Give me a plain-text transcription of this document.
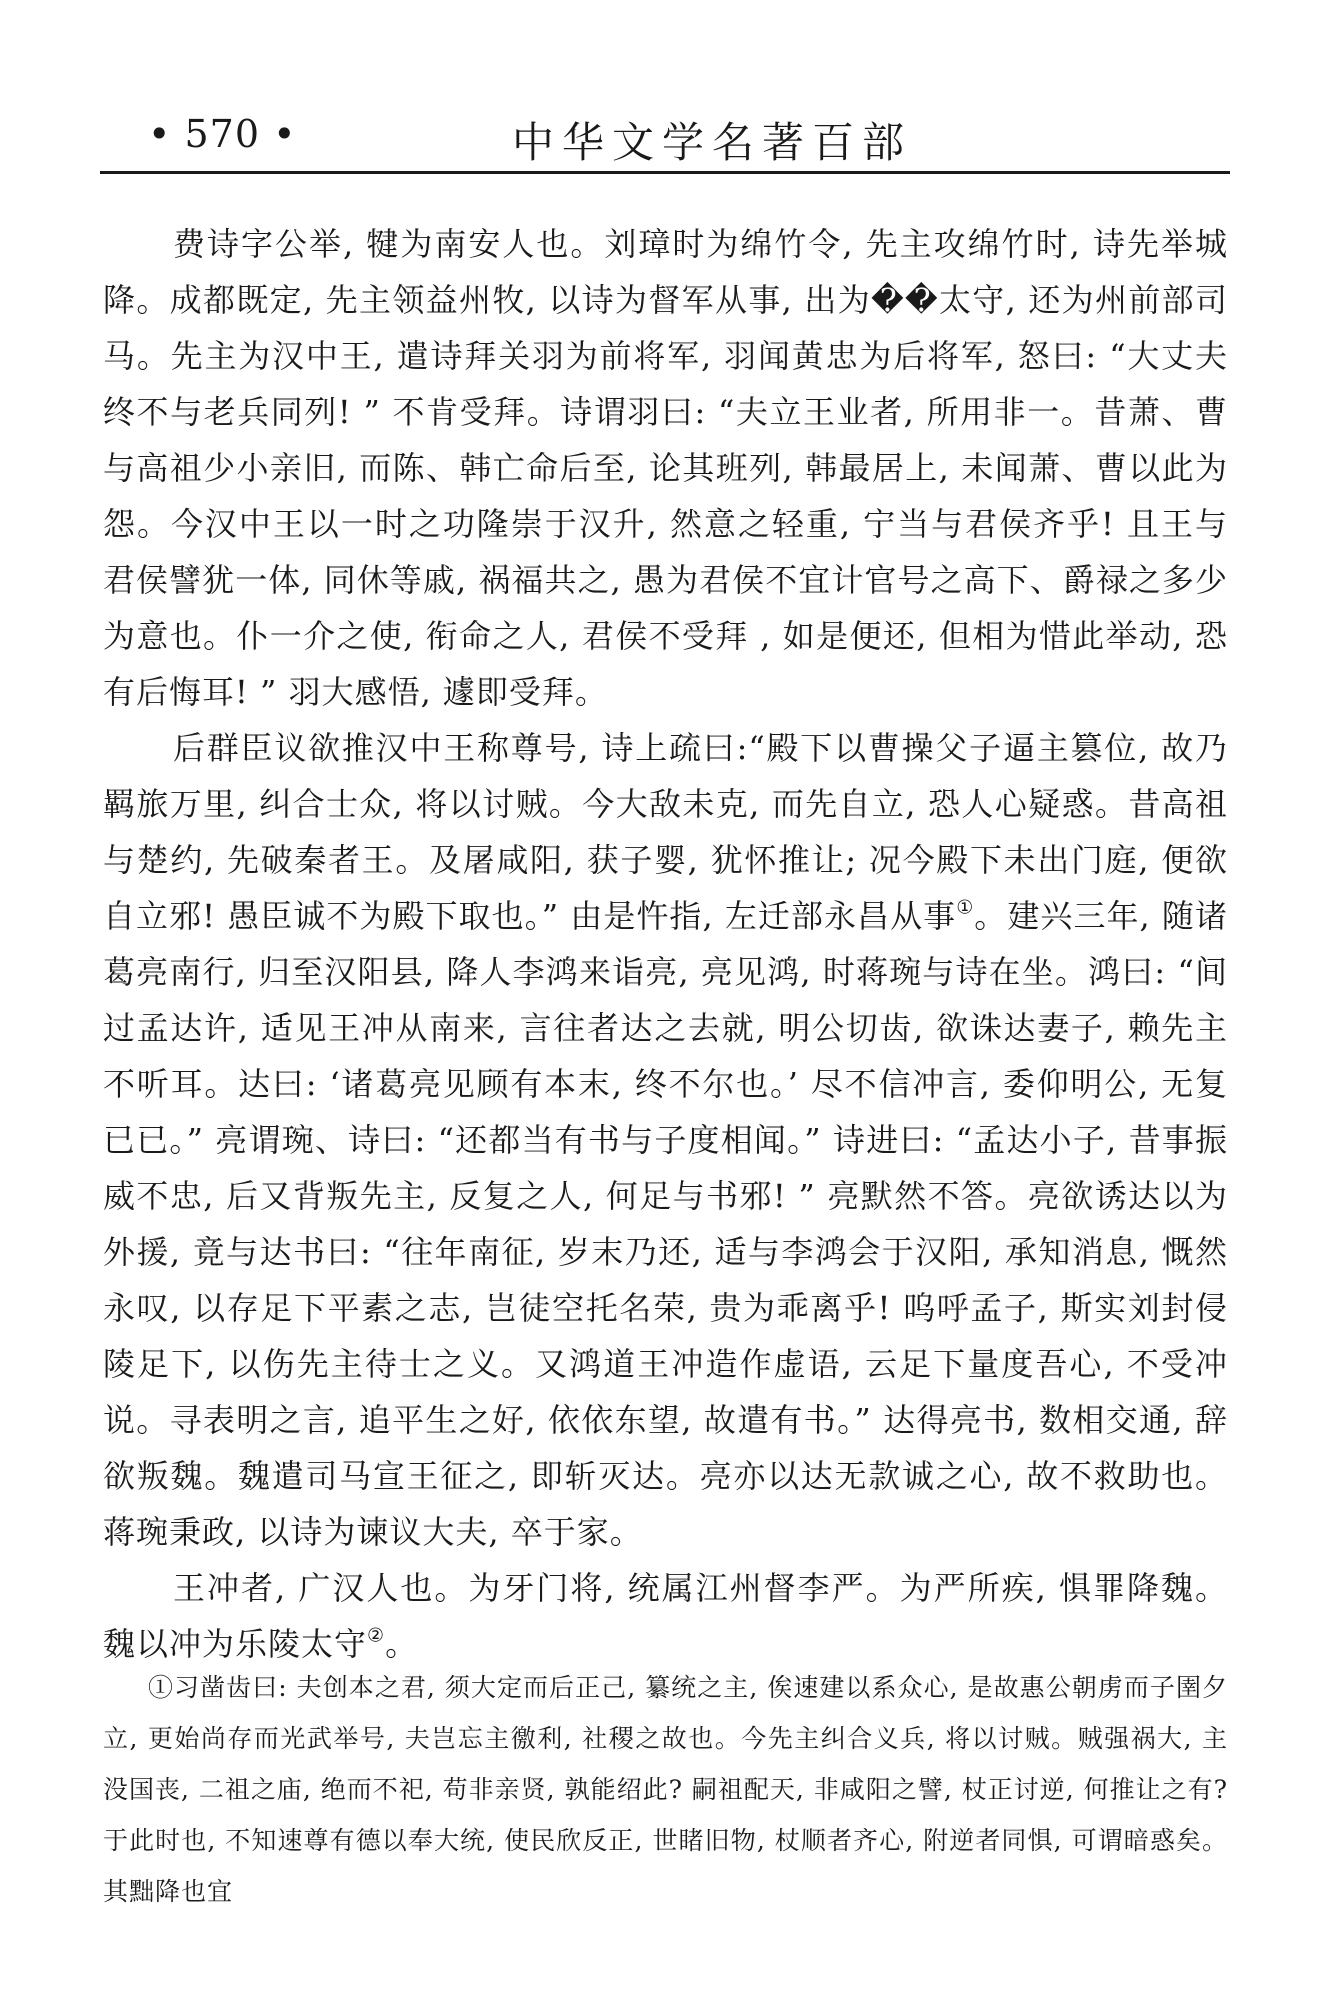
• 570 •	中华文学名著百部

费诗字公举, 犍为南安人也。刘璋时为绵竹令, 先主攻绵竹时, 诗先举城降。成都既定, 先主领益州牧, 以诗为督军从事, 出为��太守, 还为州前部司马。先主为汉中王, 遣诗拜关羽为前将军, 羽闻黄忠为后将军, 怒曰: “大丈夫终不与老兵同列! ” 不肯受拜。诗谓羽曰: “夫立王业者, 所用非一。昔萧、曹与高祖少小亲旧, 而陈、韩亡命后至, 论其班列, 韩最居上, 未闻萧、曹以此为怨。今汉中王以一时之功隆崇于汉升, 然意之轻重, 宁当与君侯齐乎! 且王与君侯譬犹一体, 同休等戚, 祸福共之, 愚为君侯不宜计官号之高下、爵禄之多少为意也。仆一介之使, 衔命之人, 君侯不受拜 , 如是便还, 但相为惜此举动, 恐有后悔耳! ” 羽大感悟, 遽即受拜。

后群臣议欲推汉中王称尊号, 诗上疏曰:“殿下以曹操父子逼主篡位, 故乃羁旅万里, 纠合士众, 将以讨贼。今大敌未克, 而先自立, 恐人心疑惑。昔高祖与楚约, 先破秦者王。及屠咸阳, 获子婴, 犹怀推让; 况今殿下未出门庭, 便欲自立邪! 愚臣诚不为殿下取也。” 由是忤指, 左迁部永昌从事①。建兴三年, 随诸葛亮南行, 归至汉阳县, 降人李鸿来诣亮, 亮见鸿, 时蒋琬与诗在坐。鸿曰: “间过孟达许, 适见王冲从南来, 言往者达之去就, 明公切齿, 欲诛达妻子, 赖先主不听耳。达曰: ‘诸葛亮见顾有本末, 终不尔也。’ 尽不信冲言, 委仰明公, 无复已已。” 亮谓琬、诗曰: “还都当有书与子度相闻。” 诗进曰: “孟达小子, 昔事振威不忠, 后又背叛先主, 反复之人, 何足与书邪! ” 亮默然不答。亮欲诱达以为外援, 竟与达书曰: “往年南征, 岁末乃还, 适与李鸿会于汉阳, 承知消息, 慨然永叹, 以存足下平素之志, 岂徒空托名荣, 贵为乖离乎! 呜呼孟子, 斯实刘封侵陵足下, 以伤先主待士之义。又鸿道王冲造作虚语, 云足下量度吾心, 不受冲说。寻表明之言, 追平生之好, 依依东望, 故遣有书。” 达得亮书, 数相交通, 辞欲叛魏。魏遣司马宣王征之, 即斩灭达。亮亦以达无款诚之心, 故不救助也。蒋琬秉政, 以诗为谏议大夫, 卒于家。

王冲者, 广汉人也。为牙门将, 统属江州督李严。为严所疾, 惧罪降魏。魏以冲为乐陵太守②。

①习凿齿曰: 夫创本之君, 须大定而后正己, 纂统之主, 俟速建以系众心, 是故惠公朝虏而子圉夕立, 更始尚存而光武举号, 夫岂忘主徼利, 社稷之故也。今先主纠合义兵, 将以讨贼。贼强祸大, 主没国丧, 二祖之庙, 绝而不祀, 苟非亲贤, 孰能绍此? 嗣祖配天, 非咸阳之譬, 杖正讨逆, 何推让之有? 于此时也, 不知速尊有德以奉大统, 使民欣反正, 世睹旧物, 杖顺者齐心, 附逆者同惧, 可谓暗惑矣。其黜降也宜
